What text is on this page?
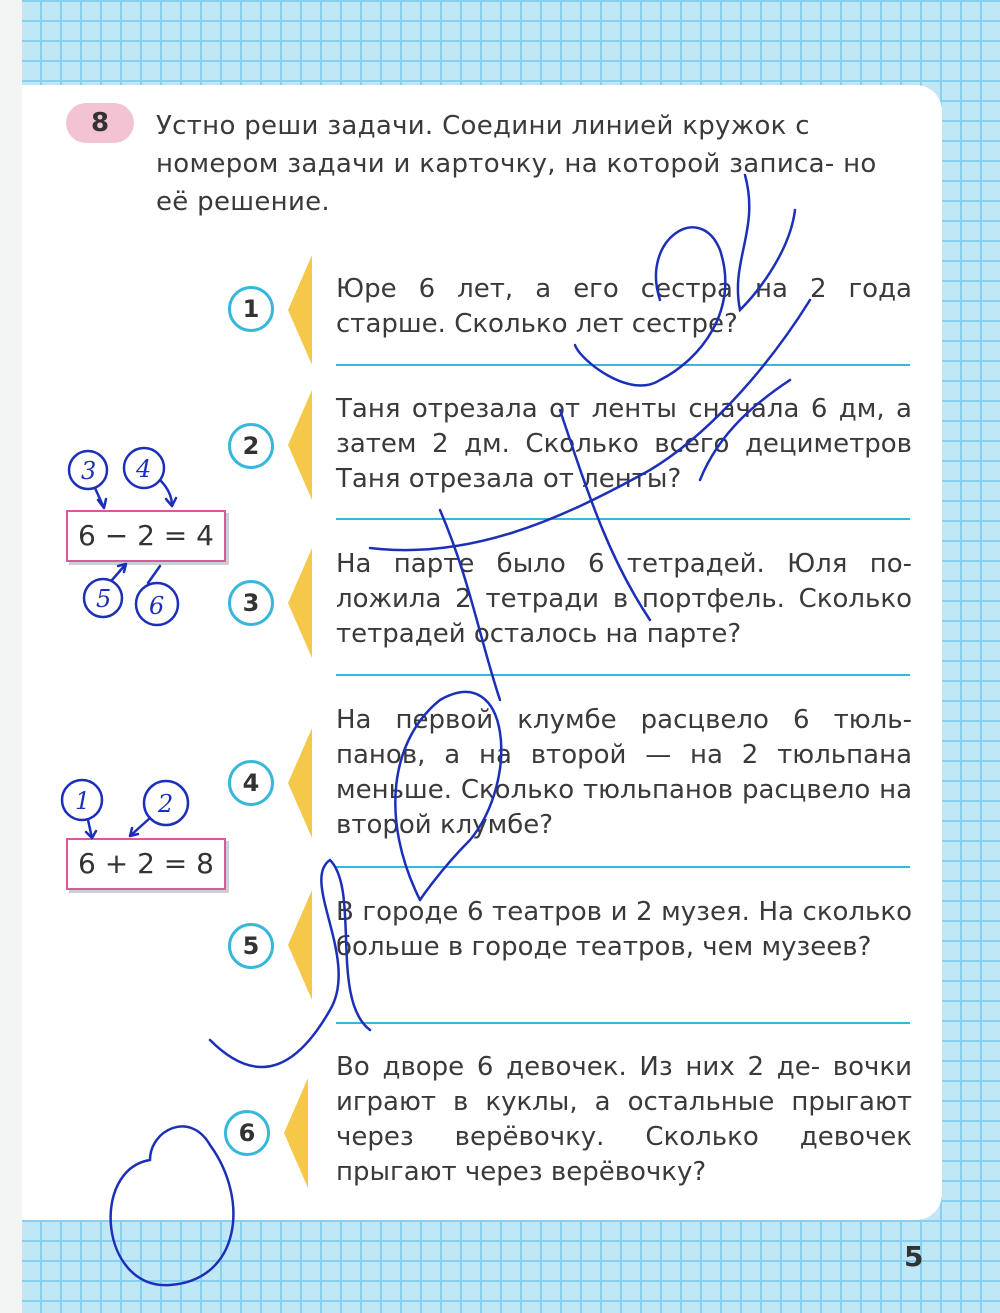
8	Устно реши задачи. Соедини линией кружок с номером задачи и карточку, на которой записа- но её решение.
6 − 2 = 4
6 + 2 = 8
1
Юре 6 лет, а его сестра на 2 года старше. Сколько лет сестре?
2
Таня отрезала от ленты сначала 6 дм, а затем 2 дм. Сколько всего дециметров Таня отрезала от ленты?
3
На парте было 6 тетрадей. Юля по- ложила 2 тетради в портфель. Сколько тетрадей осталось на парте?
4
На первой клумбе расцвело 6 тюль- панов, а на второй — на 2 тюльпана меньше. Сколько тюльпанов расцвело на второй клумбе?
5
В городе 6 театров и 2 музея. На сколько больше в городе театров, чем музеев?
6
Во дворе 6 девочек. Из них 2 де- вочки играют в куклы, а остальные прыгают через верёвочку. Сколько девочек прыгают через верёвочку?
5
3 4
5 6
1	2
